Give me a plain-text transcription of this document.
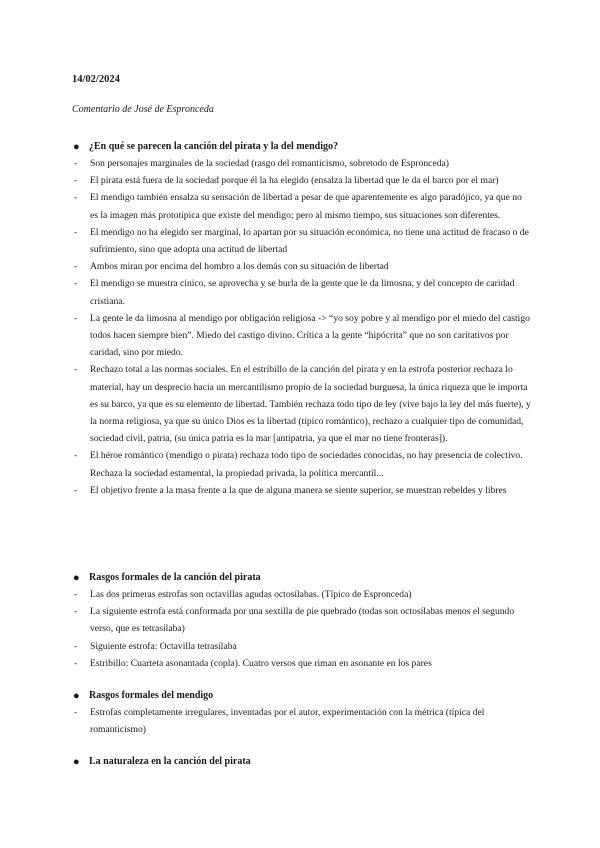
14/02/2024
Comentario de José de Espronceda
● ¿En qué se parecen la canción del pirata y la del mendigo?
- Son personajes marginales de la sociedad (rasgo del romanticismo, sobretodo de Espronceda)
- El pirata está fuera de la sociedad porque él la ha elegido (ensalza la libertad que le da el barco por el mar)
- El mendigo también ensalza su sensación de libertad a pesar de que aparentemente es algo paradójico, ya que no es la imagen más prototípica que existe del mendigo; pero al mismo tiempo, sus situaciones son diferentes.
- El mendigo no ha elegido ser marginal, lo apartan por su situación económica, no tiene una actitud de fracaso o de sufrimiento, sino que adopta una actitud de libertad
- Ambos miran por encima del hombro a los demás con su situación de libertad
- El mendigo se muestra cínico, se aprovecha y se burla de la gente que le da limosna, y del concepto de caridad cristiana.
- La gente le da limosna al mendigo por obligación religiosa -> “yo soy pobre y al mendigo por el miedo del castigo todos hacen siempre bien”. Miedo del castigo divino. Crítica a la gente “hipócrita” que no son caritativos por caridad, sino por miedo.
- Rechazo total a las normas sociales. En el estribillo de la canción del pirata y en la estrofa posterior rechaza lo material, hay un desprecio hacia un mercantilismo propio de la sociedad burguesa, la única riqueza que le importa es su barco, ya que es su elemento de libertad. También rechaza todo tipo de ley (vive bajo la ley del más fuerte), y la norma religiosa, ya que su único Dios es la libertad (típico romántico), rechazo a cualquier tipo de comunidad, sociedad civil, patria, (su única patria es la mar [antipatria, ya que el mar no tiene fronteras]).
- El héroe romántico (mendigo o pirata) rechaza todo tipo de sociedades conocidas, no hay presencia de colectivo. Rechaza la sociedad estamental, la propiedad privada, la política mercantil...
- El objetivo frente a la masa frente a la que de alguna manera se siente superior, se muestran rebeldes y libres
● Rasgos formales de la canción del pirata
- Las dos primeras estrofas son octavillas agudas octosílabas. (Típico de Espronceda)
- La siguiente estrofa está conformada por una sextilla de pie quebrado (todas son octosílabas menos el segundo verso, que es tetrasílaba)
- Siguiente estrofa: Octavilla tetrasílaba
- Estribillo: Cuarteta asonantada (copla). Cuatro versos que riman en asonante en los pares
● Rasgos formales del mendigo
- Estrofas completamente irregulares, inventadas por el autor, experimentación con la métrica (típica del romanticismo)
● La naturaleza en la canción del pirata
